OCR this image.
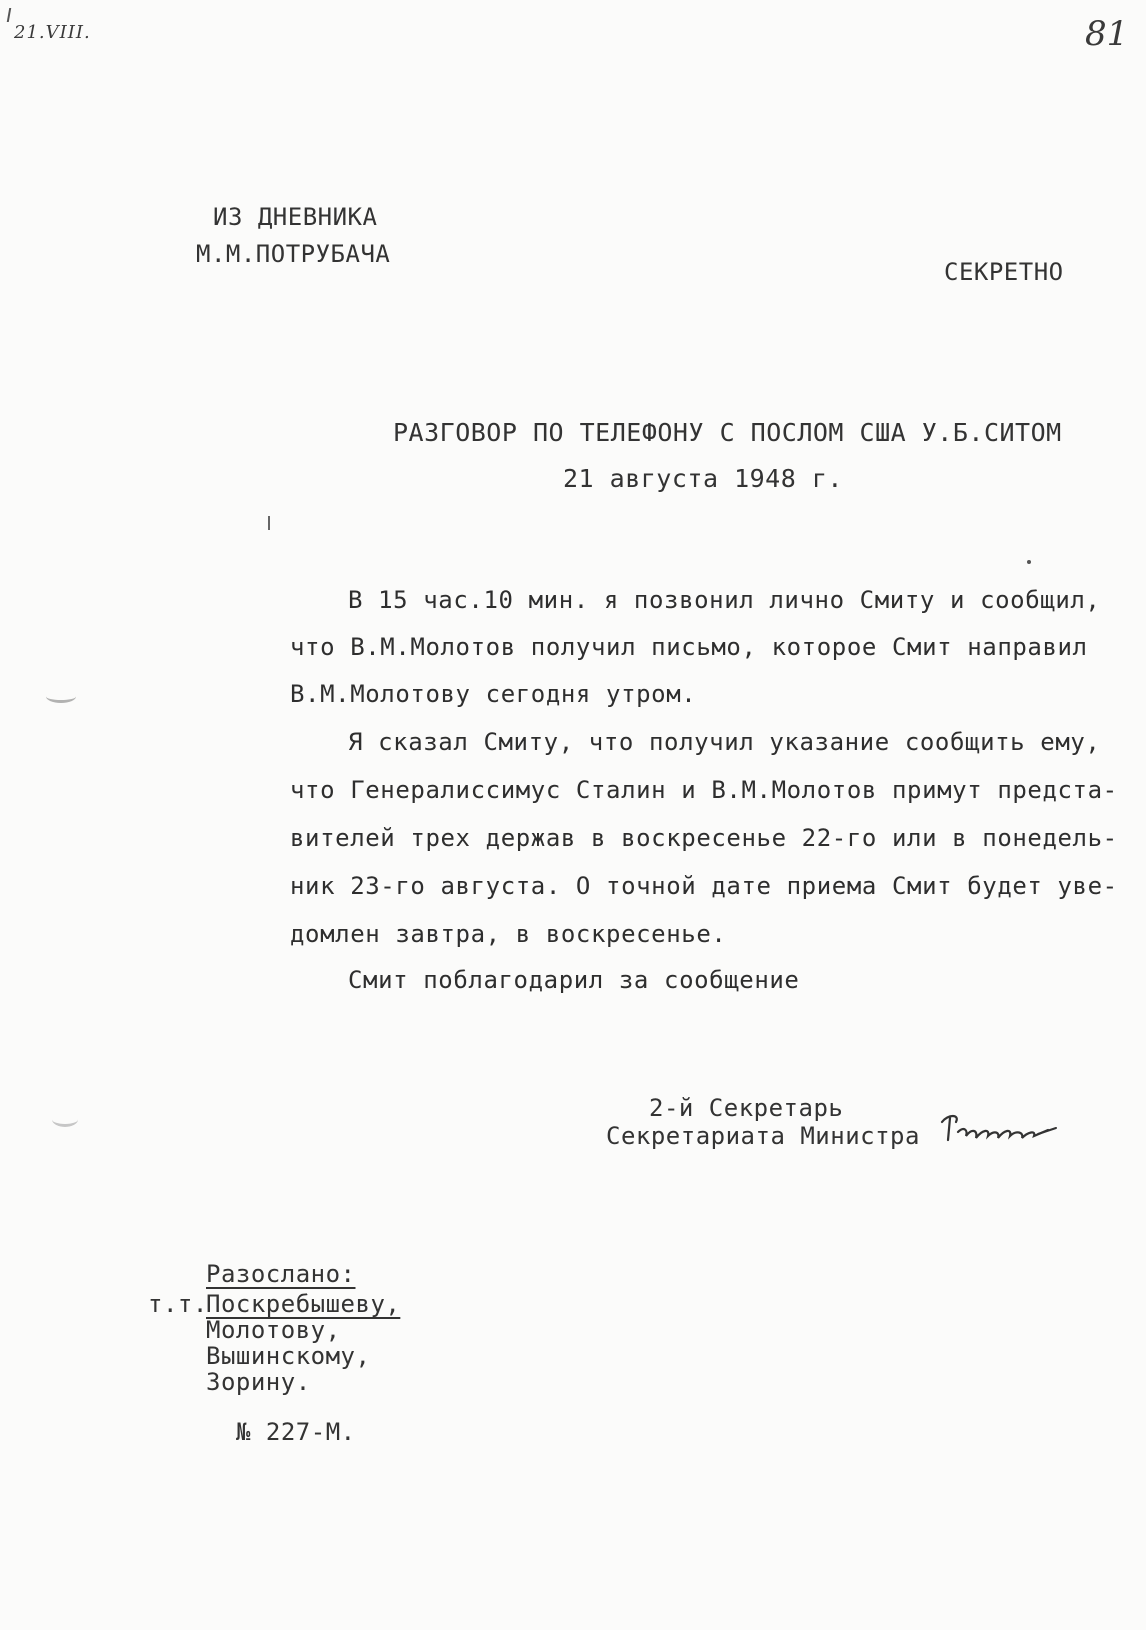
21.VIII.	81
ИЗ ДНЕВНИКА
М.М.ПОТРУБАЧА
СЕКРЕТНО
РАЗГОВОР ПО ТЕЛЕФОНУ С ПОСЛОМ США У.Б.СИТОМ
21 августа 1948 г.
В 15 час.10 мин. я позвонил лично Смиту и сообщил,
что В.М.Молотов получил письмо, которое Смит направил
В.М.Молотову сегодня утром.
Я сказал Смиту, что получил указание сообщить ему,
что Генералиссимус Сталин и В.М.Молотов примут предста-
вителей трех держав в воскресенье 22-го или в понедель-
ник 23-го августа. О точной дате приема Смит будет уве-
домлен завтра, в воскресенье.
Смит поблагодарил за сообщение
2-й Секретарь
Секретариата Министра
Разослано:
т.т.
Поскребышеву,
Молотову,
Вышинскому,
Зорину.
№ 227-М.
